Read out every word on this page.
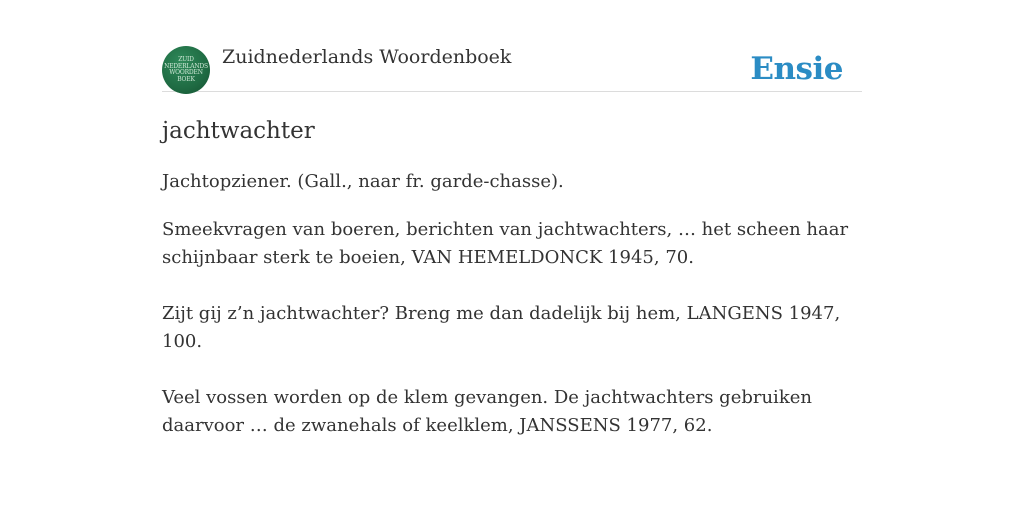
ZUID
NEDERLANDS
WOORDEN
BOEK
Zuidnederlands Woordenboek	Ensie
jachtwachter
Jachtopziener. (Gall., naar fr. garde-chasse).
Smeekvragen van boeren, berichten van jachtwachters, … het scheen haar schijnbaar sterk te boeien, VAN HEMELDONCK 1945, 70.
Zijt gij z’n jachtwachter? Breng me dan dadelijk bij hem, LANGENS 1947, 100.
Veel vossen worden op de klem gevangen. De jachtwachters gebruiken daarvoor … de zwanehals of keelklem, JANSSENS 1977, 62.
